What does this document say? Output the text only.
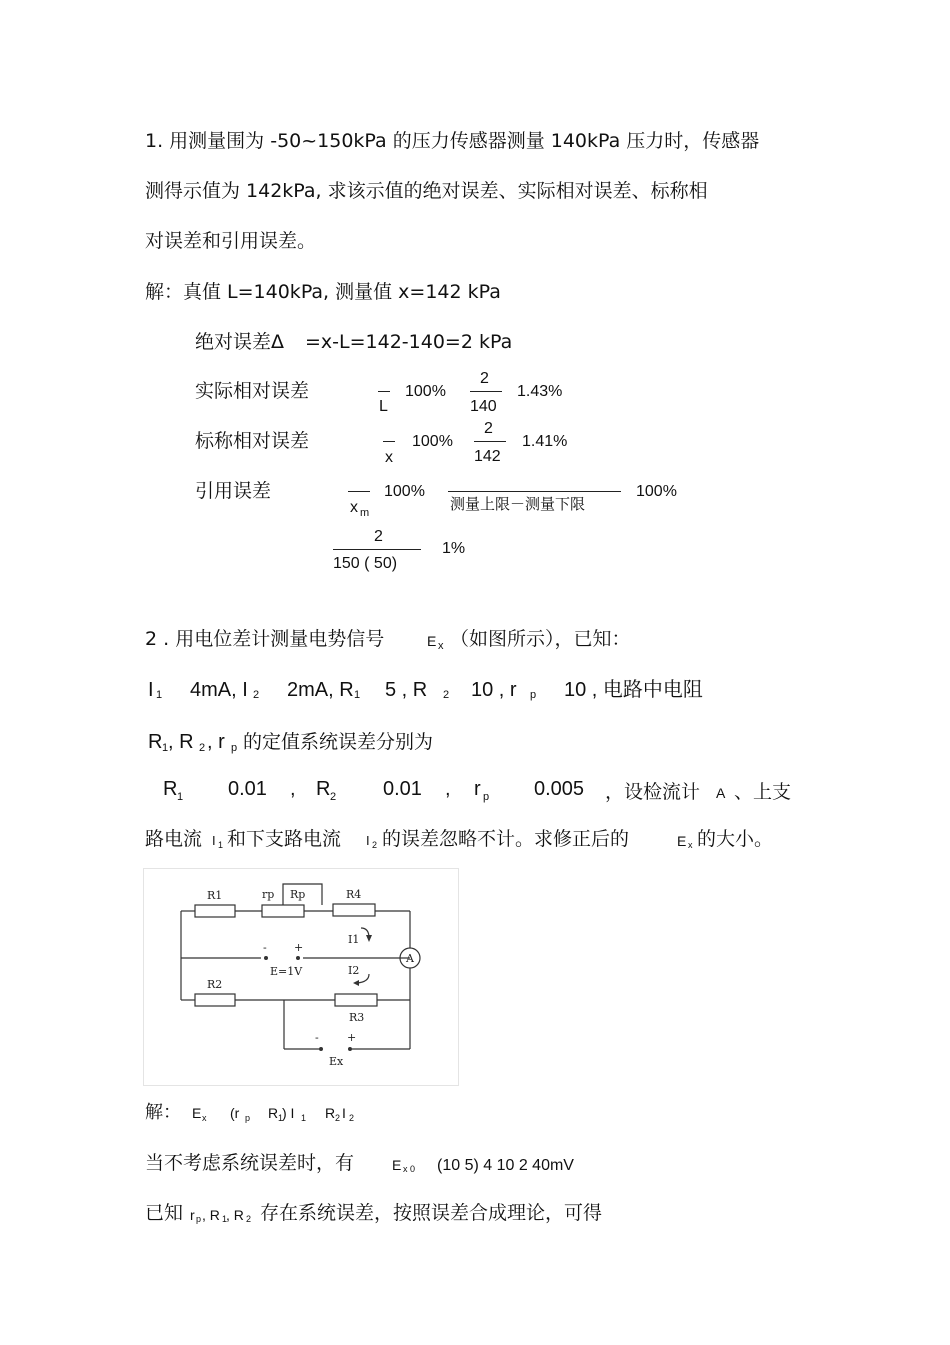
1. 用测量围为 -50~150kPa 的压力传感器测量 140kPa 压力时，传感器
测得示值为 142kPa, 求该示值的绝对误差、实际相对误差、标称相
对误差和引用误差。
解：真值 L=140kPa, 测量值 x=142 kPa
绝对误差Δ =x-L=142-140=2 kPa
实际相对误差
L
100%
2
140
1.43%
标称相对误差
x
100%
2
142
1.41%
引用误差
x m
100%
测量上限－测量下限
100%
2
150 ( 50)
1%
2 . 用电位差计测量电势信号	E x （如图所示），已知：
I 1 4mA, I 2 2mA, R 1 5 , R 2 10 , r p 10 , 电路中电阻
R 1 , R 2 , r p 的定值系统误差分别为
R 1 0.01 , R 2 0.01 , r p 0.005 ，设检流计 A 、上支
路电流 I 1 和下支路电流 I 2 的误差忽略不计。求修正后的	E x 的大小。
R1	rp Rp	R4
I1
- +
E=1V	I2
R2
R3
-	+
Ex
A
解： E x (r p R 1
) I 1 R 2 I 2
当不考虑系统误差时，有	E x 0 (10 5) 4 10 2 40mV
已知 r p , R 1
, R 2 存在系统误差，按照误差合成理论，可得
